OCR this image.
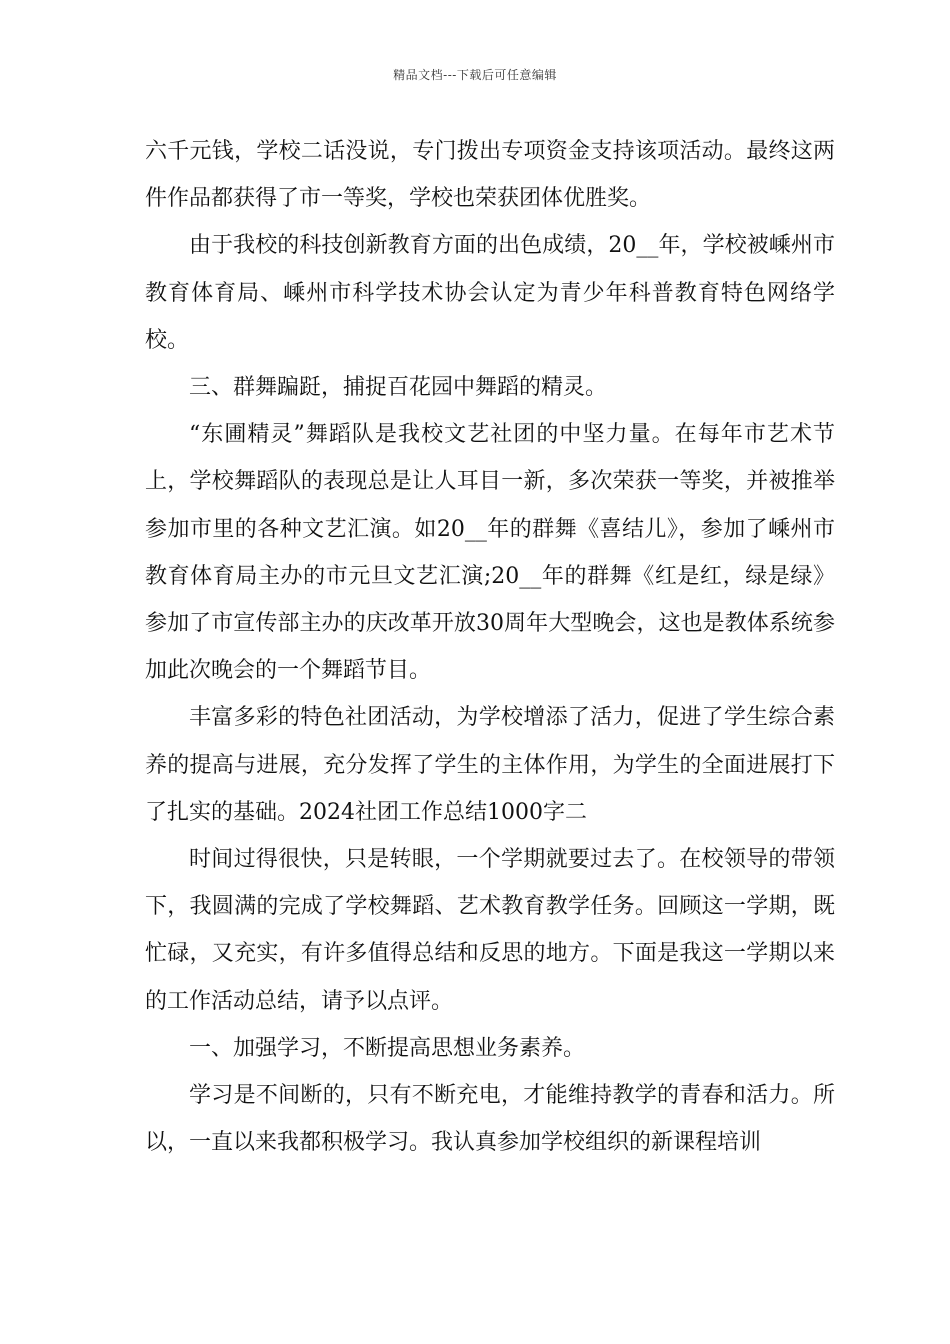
精品文档---下载后可任意编辑

六千元钱，学校二话没说，专门拨出专项资金支持该项活动。最终这两件作品都获得了市一等奖，学校也荣获团体优胜奖。

由于我校的科技创新教育方面的出色成绩，20__年，学校被嵊州市教育体育局、嵊州市科学技术协会认定为青少年科普教育特色网络学校。

三、群舞蹁跹，捕捉百花园中舞蹈的精灵。

“东圃精灵”舞蹈队是我校文艺社团的中坚力量。在每年市艺术节上，学校舞蹈队的表现总是让人耳目一新，多次荣获一等奖，并被推举参加市里的各种文艺汇演。如20__年的群舞《喜结儿》，参加了嵊州市教育体育局主办的市元旦文艺汇演;20__年的群舞《红是红，绿是绿》参加了市宣传部主办的庆改革开放30周年大型晚会，这也是教体系统参加此次晚会的一个舞蹈节目。

丰富多彩的特色社团活动，为学校增添了活力，促进了学生综合素养的提高与进展，充分发挥了学生的主体作用，为学生的全面进展打下了扎实的基础。2024社团工作总结1000字二

时间过得很快，只是转眼，一个学期就要过去了。在校领导的带领下，我圆满的完成了学校舞蹈、艺术教育教学任务。回顾这一学期，既忙碌，又充实，有许多值得总结和反思的地方。下面是我这一学期以来的工作活动总结，请予以点评。

一、加强学习，不断提高思想业务素养。

学习是不间断的，只有不断充电，才能维持教学的青春和活力。所以，一直以来我都积极学习。我认真参加学校组织的新课程培训
